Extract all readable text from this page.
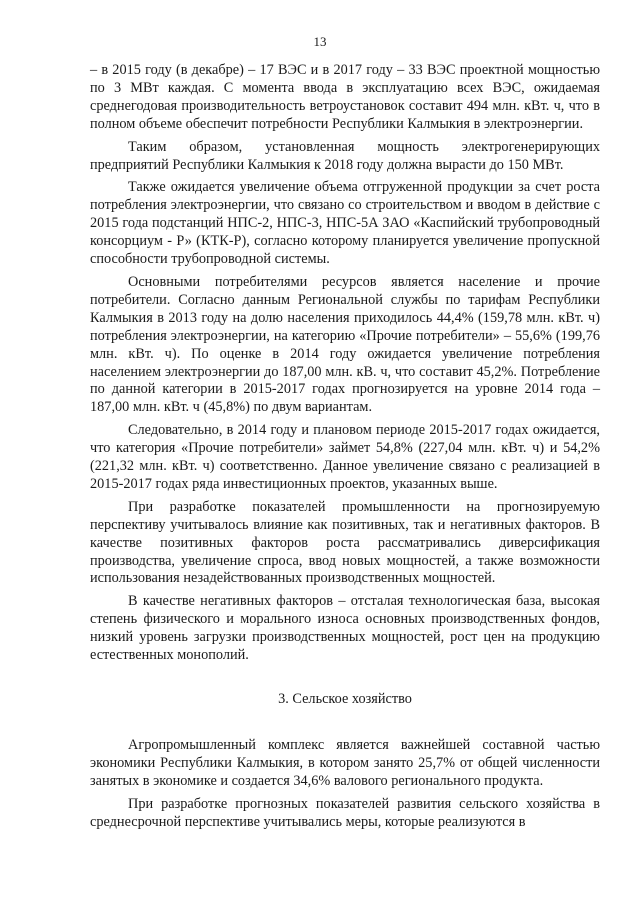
13

– в 2015 году (в декабре) – 17 ВЭС и в 2017 году – 33 ВЭС проектной мощностью по 3 МВт каждая. С момента ввода в эксплуатацию всех ВЭС, ожидаемая среднегодовая производительность ветроустановок составит 494 млн. кВт. ч, что в полном объеме обеспечит потребности Республики Калмыкия в электроэнергии.

Таким образом, установленная мощность электрогенерирующих предприятий Республики Калмыкия к 2018 году должна вырасти до 150 МВт.

Также ожидается увеличение объема отгруженной продукции за счет роста потребления электроэнергии, что связано со строительством и вводом в действие с 2015 года подстанций НПС-2, НПС-3, НПС-5А ЗАО «Каспийский трубопроводный консорциум - Р» (КТК-Р), согласно которому планируется увеличение пропускной способности трубопроводной системы.

Основными потребителями ресурсов является население и прочие потребители. Согласно данным Региональной службы по тарифам Республики Калмыкия в 2013 году на долю населения приходилось 44,4% (159,78 млн. кВт. ч) потребления электроэнергии, на категорию «Прочие потребители» – 55,6% (199,76 млн. кВт. ч). По оценке в 2014 году ожидается увеличение потребления населением электроэнергии до 187,00 млн. кВ. ч, что составит 45,2%. Потребление по данной категории в 2015-2017 годах прогнозируется на уровне 2014 года – 187,00 млн. кВт. ч (45,8%) по двум вариантам.

Следовательно, в 2014 году и плановом периоде 2015-2017 годах ожидается, что категория «Прочие потребители» займет 54,8% (227,04 млн. кВт. ч) и 54,2% (221,32 млн. кВт. ч) соответственно. Данное увеличение связано с реализацией в 2015-2017 годах ряда инвестиционных проектов, указанных выше.

При разработке показателей промышленности на прогнозируемую перспективу учитывалось влияние как позитивных, так и негативных факторов. В качестве позитивных факторов роста рассматривались диверсификация производства, увеличение спроса, ввод новых мощностей, а также возможности использования незадействованных производственных мощностей.

В качестве негативных факторов – отсталая технологическая база, высокая степень физического и морального износа основных производственных фондов, низкий уровень загрузки производственных мощностей, рост цен на продукцию естественных монополий.

3. Сельское хозяйство

Агропромышленный комплекс является важнейшей составной частью экономики Республики Калмыкия, в котором занято 25,7% от общей численности занятых в экономике и создается 34,6% валового регионального продукта.

При разработке прогнозных показателей развития сельского хозяйства в среднесрочной перспективе учитывались меры, которые реализуются в
